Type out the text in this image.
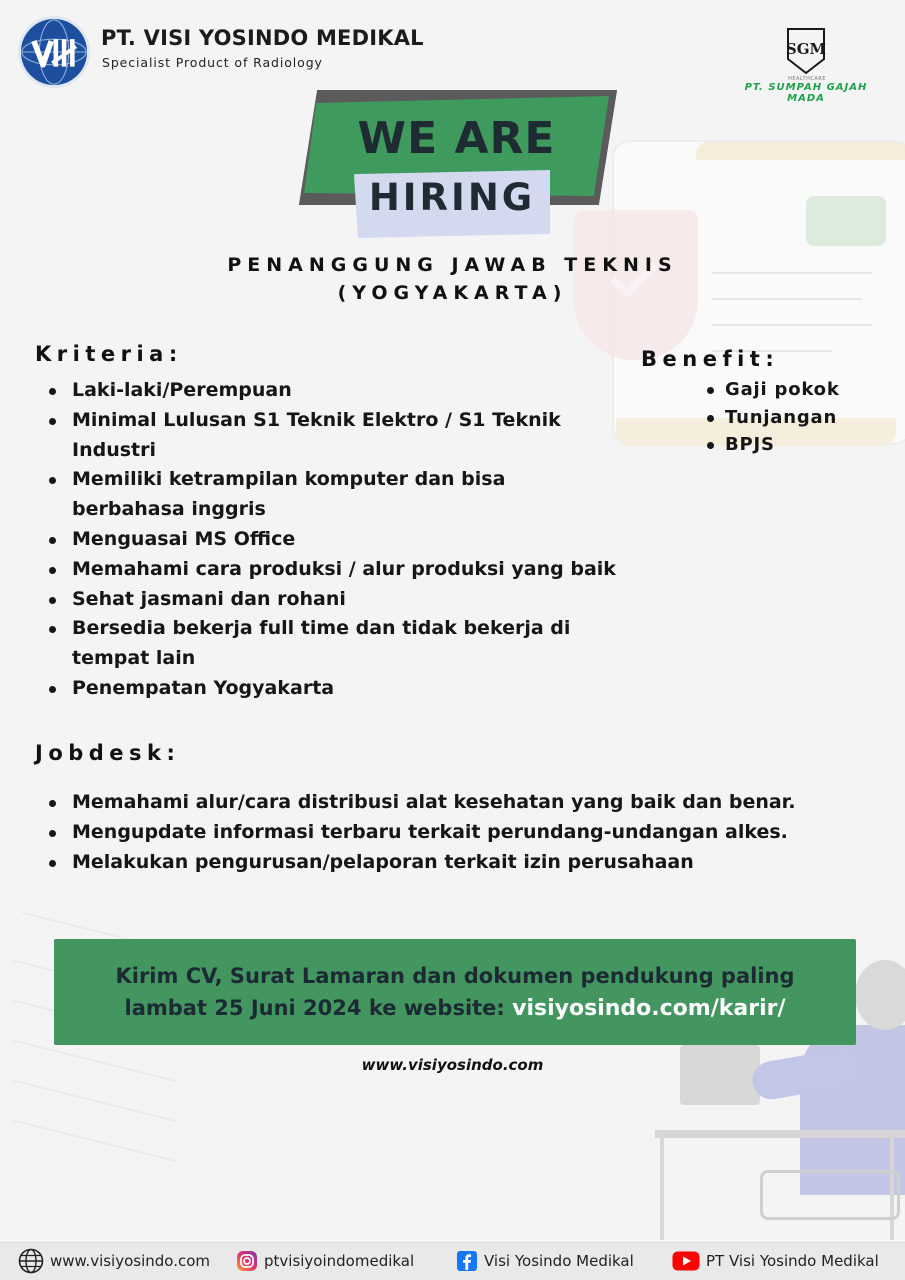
PT. VISI YOSINDO MEDIKAL
Specialist Product of Radiology
SGM
HEALTHCARE
PT. SUMPAH GAJAH MADA
WE ARE
HIRING
PENANGGUNG JAWAB TEKNIS
(YOGYAKARTA)
Kriteria:
Laki-laki/Perempuan
Minimal Lulusan S1 Teknik Elektro / S1 Teknik Industri
Memiliki ketrampilan komputer dan bisa berbahasa inggris
Menguasai MS Office
Memahami cara produksi / alur produksi yang baik
Sehat jasmani dan rohani
Bersedia bekerja full time dan tidak bekerja di tempat lain
Penempatan Yogyakarta
Benefit:
Gaji pokok
Tunjangan
BPJS
Jobdesk:
Memahami alur/cara distribusi alat kesehatan yang baik dan benar.
Mengupdate informasi terbaru terkait perundang-undangan alkes.
Melakukan pengurusan/pelaporan terkait izin perusahaan
Kirim CV, Surat Lamaran dan dokumen pendukung paling
lambat 25 Juni 2024 ke website: visiyosindo.com/karir/
www.visiyosindo.com
www.visiyosindo.com	ptvisiyoindomedikal	Visi Yosindo Medikal	PT Visi Yosindo Medikal
